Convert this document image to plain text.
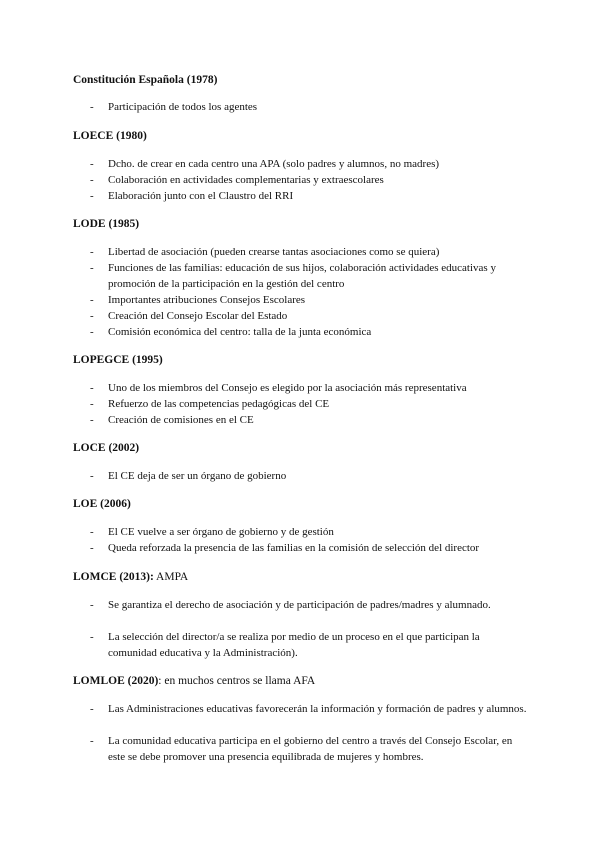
Constitución Española (1978)

-	Participación de todos los agentes

LOECE (1980)

-	Dcho. de crear en cada centro una APA (solo padres y alumnos, no madres)
-	Colaboración en actividades complementarias y extraescolares
-	Elaboración junto con el Claustro del RRI

LODE (1985)

-	Libertad de asociación (pueden crearse tantas asociaciones como se quiera)
-	Funciones de las familias: educación de sus hijos, colaboración actividades educativas y promoción de la participación en la gestión del centro
-	Importantes atribuciones Consejos Escolares
-	Creación del Consejo Escolar del Estado
-	Comisión económica del centro: talla de la junta económica

LOPEGCE (1995)

-	Uno de los miembros del Consejo es elegido por la asociación más representativa
-	Refuerzo de las competencias pedagógicas del CE
-	Creación de comisiones en el CE

LOCE (2002)

-	El CE deja de ser un órgano de gobierno

LOE (2006)

-	El CE vuelve a ser órgano de gobierno y de gestión
-	Queda reforzada la presencia de las familias en la comisión de selección del director

LOMCE (2013): AMPA

-	Se garantiza el derecho de asociación y de participación de padres/madres y alumnado.
-	La selección del director/a se realiza por medio de un proceso en el que participan la comunidad educativa y la Administración).

LOMLOE (2020): en muchos centros se llama AFA

-	Las Administraciones educativas favorecerán la información y formación de padres y alumnos.
-	La comunidad educativa participa en el gobierno del centro a través del Consejo Escolar, en este se debe promover una presencia equilibrada de mujeres y hombres.
